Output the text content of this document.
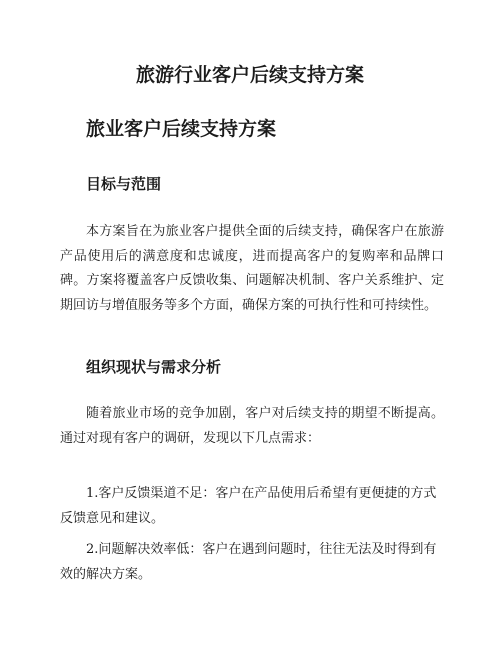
旅游行业客户后续支持方案
旅业客户后续支持方案
目标与范围

本方案旨在为旅业客户提供全面的后续支持，确保客户在旅游产品使用后的满意度和忠诚度，进而提高客户的复购率和品牌口碑。方案将覆盖客户反馈收集、问题解决机制、客户关系维护、定期回访与增值服务等多个方面，确保方案的可执行性和可持续性。

组织现状与需求分析

随着旅业市场的竞争加剧，客户对后续支持的期望不断提高。通过对现有客户的调研，发现以下几点需求：

1.客户反馈渠道不足：客户在产品使用后希望有更便捷的方式反馈意见和建议。

2.问题解决效率低：客户在遇到问题时，往往无法及时得到有效的解决方案。
